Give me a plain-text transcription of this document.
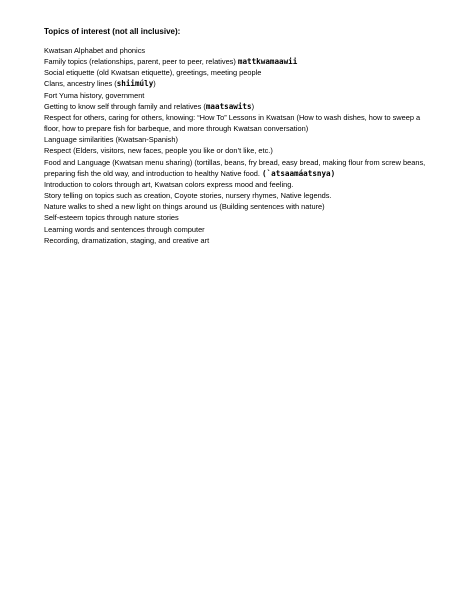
Topics of interest (not all inclusive):
Kwatsan Alphabet and phonics
Family topics (relationships, parent, peer to peer, relatives) mattkwamaawii
Social etiquette (old Kwatsan etiquette), greetings, meeting people
Clans, ancestry lines (shiimúly)
Fort Yuma history, government
Getting to know self through family and relatives (maatsawits)
Respect for others, caring for others, knowing: “How To” Lessons in Kwatsan (How to wash dishes, how to sweep a floor, how to prepare fish for barbeque, and more through Kwatsan conversation)
Language similarities (Kwatsan-Spanish)
Respect (Elders, visitors, new faces, people you like or don’t like, etc.)
Food and Language (Kwatsan menu sharing) (tortillas, beans, fry bread, easy bread, making flour from screw beans, preparing fish the old way, and introduction to healthy Native food. (`atsaamáatsnya)
Introduction to colors through art, Kwatsan colors express mood and feeling.
Story telling on topics such as creation, Coyote stories, nursery rhymes, Native legends.
Nature walks to shed a new light on things around us (Building sentences with nature)
Self-esteem topics through nature stories
Learning words and sentences through computer
Recording, dramatization, staging, and creative art
